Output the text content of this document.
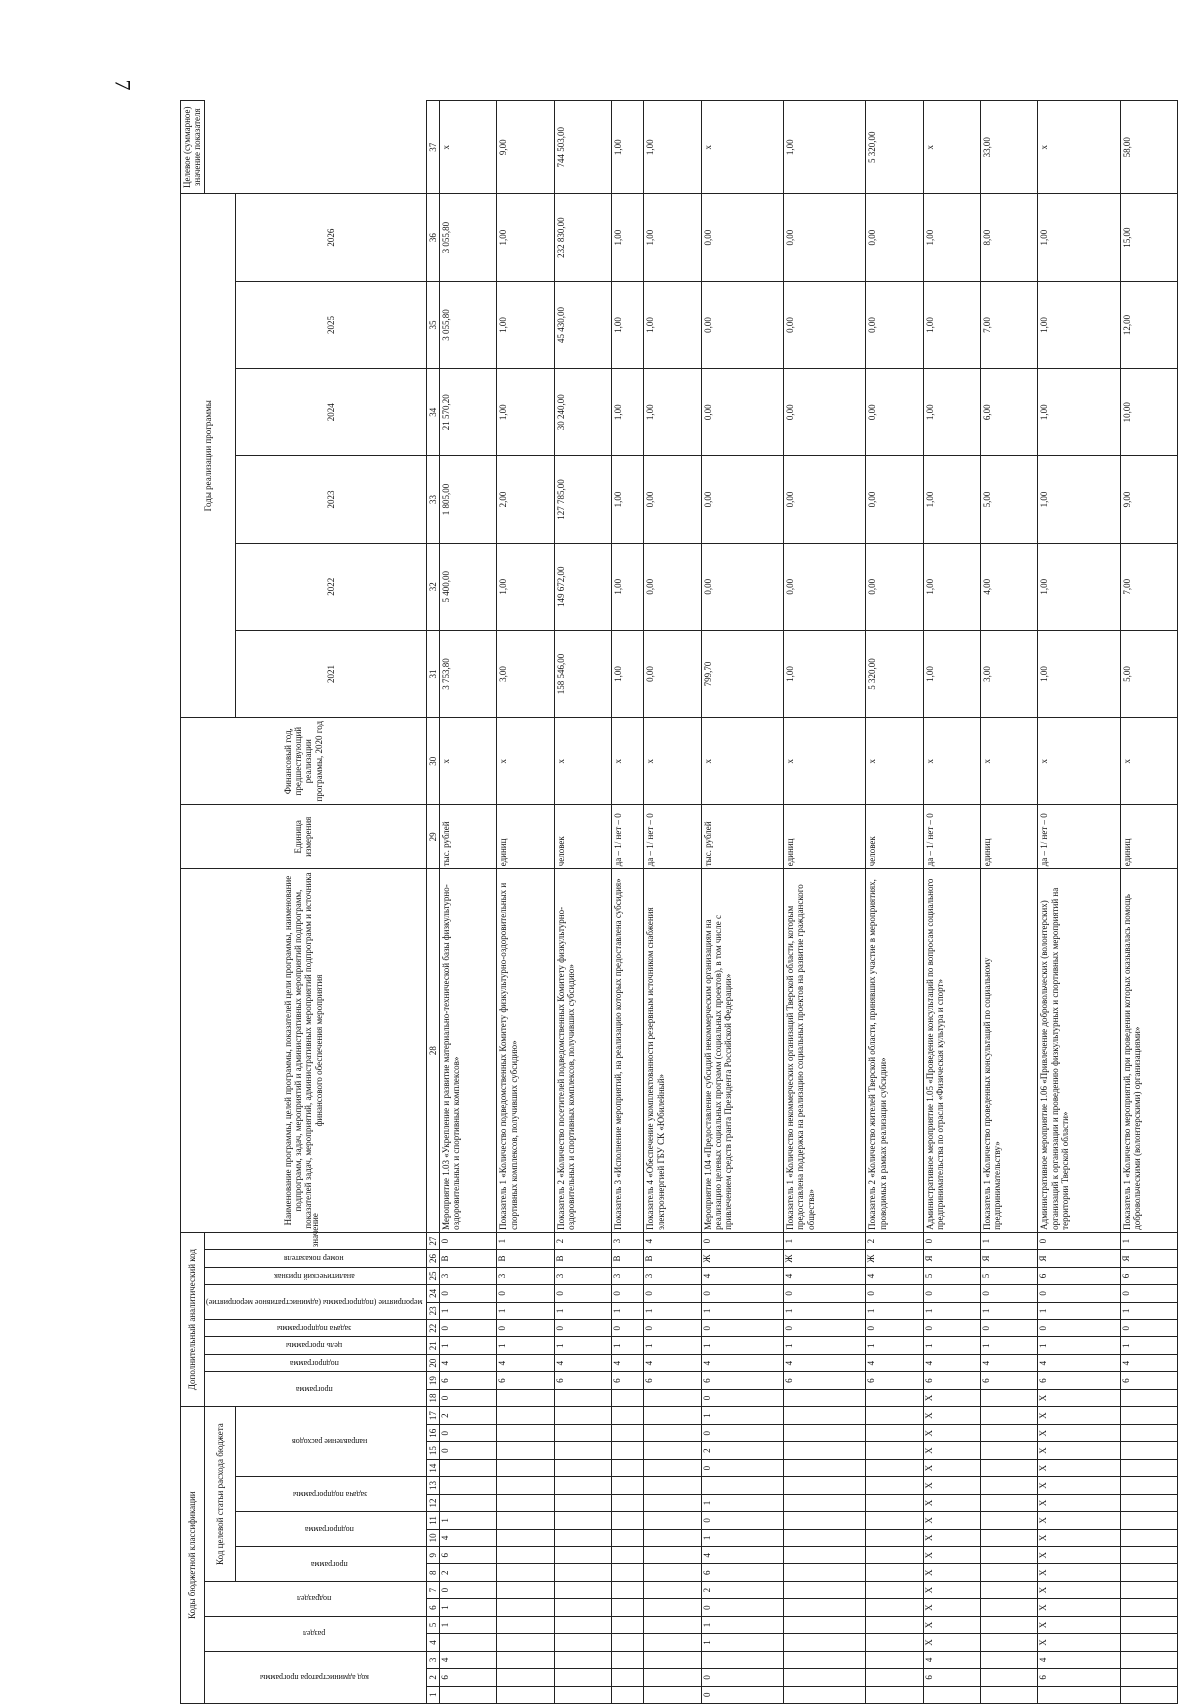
7
Коды бюджетной классификации																	Дополнительный аналитический код										Наименование программы, целей программы, показателей цели программы, наименование подпрограмм, задач, мероприятий и административных мероприятий подпрограмм, показателей задач, мероприятий, административных мероприятий подпрограмм и источника финансового обеспечения мероприятия	Единица измерения	Финансовый год, предшествующий реализации программы, 2020 год	Годы реализации программы						Целевое (суммарное) значение показателя
код администратора программы			раздел		подраздел		Код целевой статьи расхода бюджета										программа		подпрограмма	цель программы	задача подпрограммы	мероприятие (подпрограммы (административное мероприятие)		аналитический признак	номер показателя	значение										
							программа		подпрограмма		задача подпрограммы		направление расходов																	2021	2022	2023	2024	2025	2026	
1	2	3	4	5	6	7	8	9	10	11	12	13	14	15	16	17	18	19	20	21	22	23	24	25	26	27	28	29	30	31	32	33	34	35	36	37
	6	4		1	1	0	2	6	4	1				0	0	2	0	6	4	1	0	1	0	3	В	0	Мероприятие 1.03 «Укрепление и развитие материально-технической базы физкультурно-оздоровительных и спортивных комплексов»	тыс. рублей	х	3 753,80	5 400,00	1 805,00	21 570,20	3 055,80	3 055,80	х
																		6	4	1	0	1	0	3	В	1	Показатель 1 «Количество подведомственных Комитету физкультурно-оздоровительных и спортивных комплексов, получивших субсидию»	единиц	х	3,00	1,00	2,00	1,00	1,00	1,00	9,00
																		6	4	1	0	1	0	3	В	2	Показатель 2 «Количество посетителей подведомственных Комитету физкультурно-оздоровительных и спортивных комплексов, получивших субсидию»	человек	х	158 546,00	149 672,00	127 785,00	30 240,00	45 430,00	232 830,00	744 503,00
																		6	4	1	0	1	0	3	В	3	Показатель 3 «Исполнение мероприятий, на реализацию которых предоставлена субсидия»	да – 1/ нет – 0	х	1,00	1,00	1,00	1,00	1,00	1,00	1,00
																		6	4	1	0	1	0	3	В	4	Показатель 4 «Обеспечение укомплектованности резервным источником снабжения электроэнергией ГБУ СК «Юбилейный»	да – 1/ нет – 0	х	0,00	0,00	0,00	1,00	1,00	1,00	1,00
0	0		1	1	0	2	6	4	1	0	1		0	2	0	1	0	6	4	1	0	1	0	4	Ж	0	Мероприятие 1.04 «Предоставление субсидий некоммерческим организациям на реализацию целевых социальных программ (социальных проектов), в том числе с привлечением средств гранта Президента Российской Федерации»	тыс. рублей	х	799,70	0,00	0,00	0,00	0,00	0,00	х
																		6	4	1	0	1	0	4	Ж	1	Показатель 1 «Количество некоммерческих организаций Тверской области, которым предоставлена поддержка на реализацию социальных проектов на развитие гражданского общества»	единиц	х	1,00	0,00	0,00	0,00	0,00	0,00	1,00
																		6	4	1	0	1	0	4	Ж	2	Показатель 2 «Количество жителей Тверской области, принявших участие в мероприятиях, проводимых в рамках реализации субсидии»	человек	х	5 320,00	0,00	0,00	0,00	0,00	0,00	5 320,00
	6	4	Х	Х	Х	Х	Х	Х	Х	Х	Х	Х	Х	Х	Х	Х	Х	6	4	1	0	1	0	5	Я	0	Административное мероприятие 1.05 «Проведение консультаций по вопросам социального предпринимательства по отрасли «Физическая культура и спорт»	да – 1/ нет – 0	х	1,00	1,00	1,00	1,00	1,00	1,00	х
																		6	4	1	0	1	0	5	Я	1	Показатель 1 «Количество проведенных консультаций по социальному предпринимательству»	единиц	х	3,00	4,00	5,00	6,00	7,00	8,00	33,00
	6	4	Х	Х	Х	Х	Х	Х	Х	Х	Х	Х	Х	Х	Х	Х	Х	6	4	1	0	1	0	6	Я	0	Административное мероприятие 1.06 «Привлечение добровольческих (волонтерских) организаций к организации и проведению физкультурных и спортивных мероприятий на территории Тверской области»	да – 1/ нет – 0	х	1,00	1,00	1,00	1,00	1,00	1,00	х
																		6	4	1	0	1	0	6	Я	1	Показатель 1 «Количество мероприятий, при проведении которых оказывалась помощь добровольческими (волонтерскими) организациями»	единиц	х	5,00	7,00	9,00	10,00	12,00	15,00	58,00
